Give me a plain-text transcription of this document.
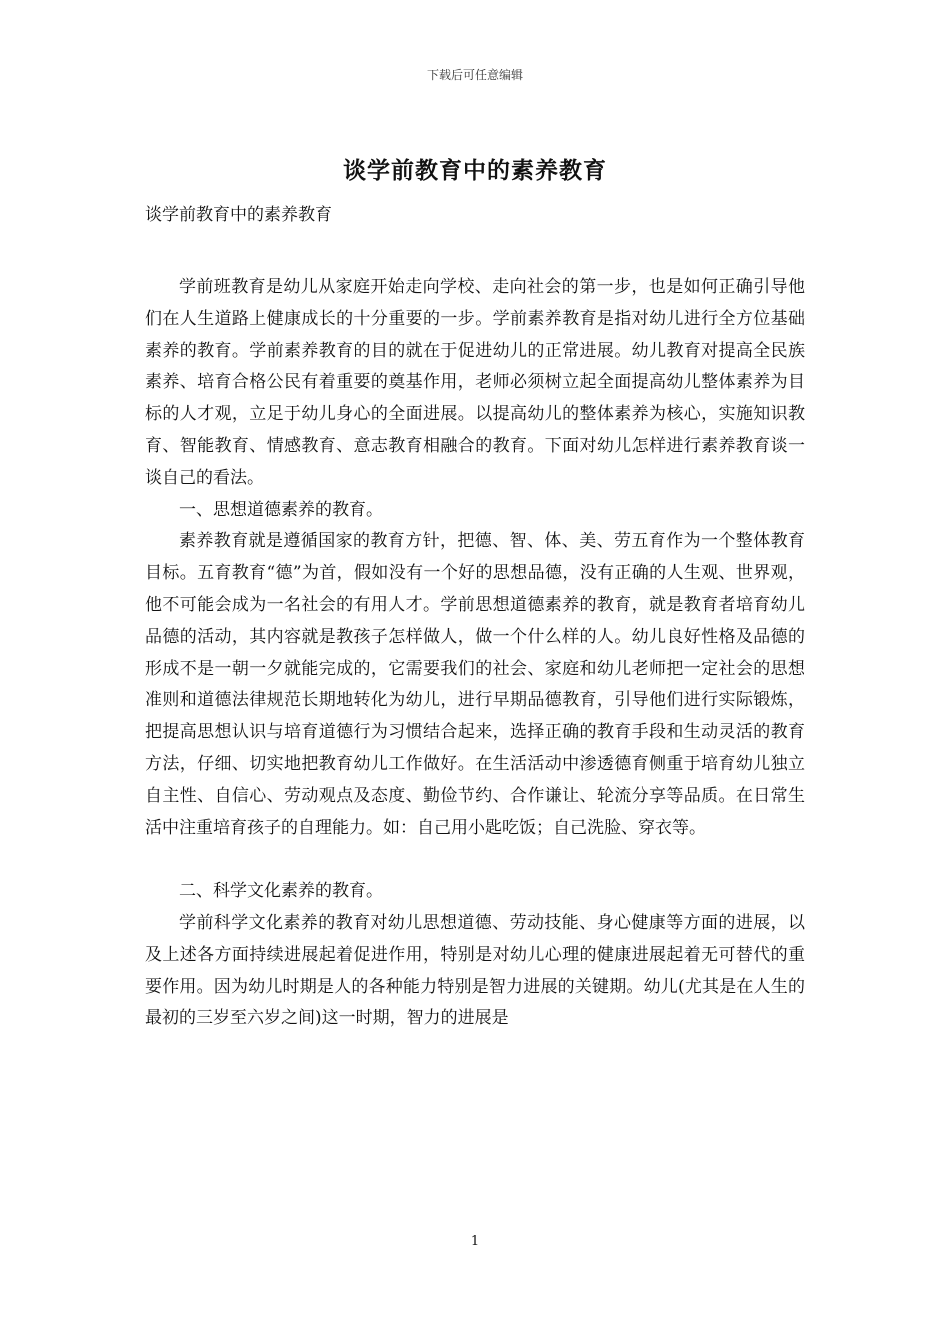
下载后可任意编辑
谈学前教育中的素养教育
谈学前教育中的素养教育

学前班教育是幼儿从家庭开始走向学校、走向社会的第一步，也是如何正确引导他们在人生道路上健康成长的十分重要的一步。学前素养教育是指对幼儿进行全方位基础素养的教育。学前素养教育的目的就在于促进幼儿的正常进展。幼儿教育对提高全民族素养、培育合格公民有着重要的奠基作用，老师必须树立起全面提高幼儿整体素养为目标的人才观，立足于幼儿身心的全面进展。以提高幼儿的整体素养为核心，实施知识教育、智能教育、情感教育、意志教育相融合的教育。下面对幼儿怎样进行素养教育谈一谈自己的看法。

一、思想道德素养的教育。

素养教育就是遵循国家的教育方针，把德、智、体、美、劳五育作为一个整体教育目标。五育教育“德”为首，假如没有一个好的思想品德，没有正确的人生观、世界观，他不可能会成为一名社会的有用人才。学前思想道德素养的教育，就是教育者培育幼儿品德的活动，其内容就是教孩子怎样做人，做一个什么样的人。幼儿良好性格及品德的形成不是一朝一夕就能完成的，它需要我们的社会、家庭和幼儿老师把一定社会的思想准则和道德法律规范长期地转化为幼儿，进行早期品德教育，引导他们进行实际锻炼，把提高思想认识与培育道德行为习惯结合起来，选择正确的教育手段和生动灵活的教育方法，仔细、切实地把教育幼儿工作做好。在生活活动中渗透德育侧重于培育幼儿独立自主性、自信心、劳动观点及态度、勤俭节约、合作谦让、轮流分享等品质。在日常生活中注重培育孩子的自理能力。如：自己用小匙吃饭；自己洗脸、穿衣等。

二、科学文化素养的教育。

学前科学文化素养的教育对幼儿思想道德、劳动技能、身心健康等方面的进展，以及上述各方面持续进展起着促进作用，特别是对幼儿心理的健康进展起着无可替代的重要作用。因为幼儿时期是人的各种能力特别是智力进展的关键期。幼儿(尤其是在人生的最初的三岁至六岁之间)这一时期，智力的进展是

1
